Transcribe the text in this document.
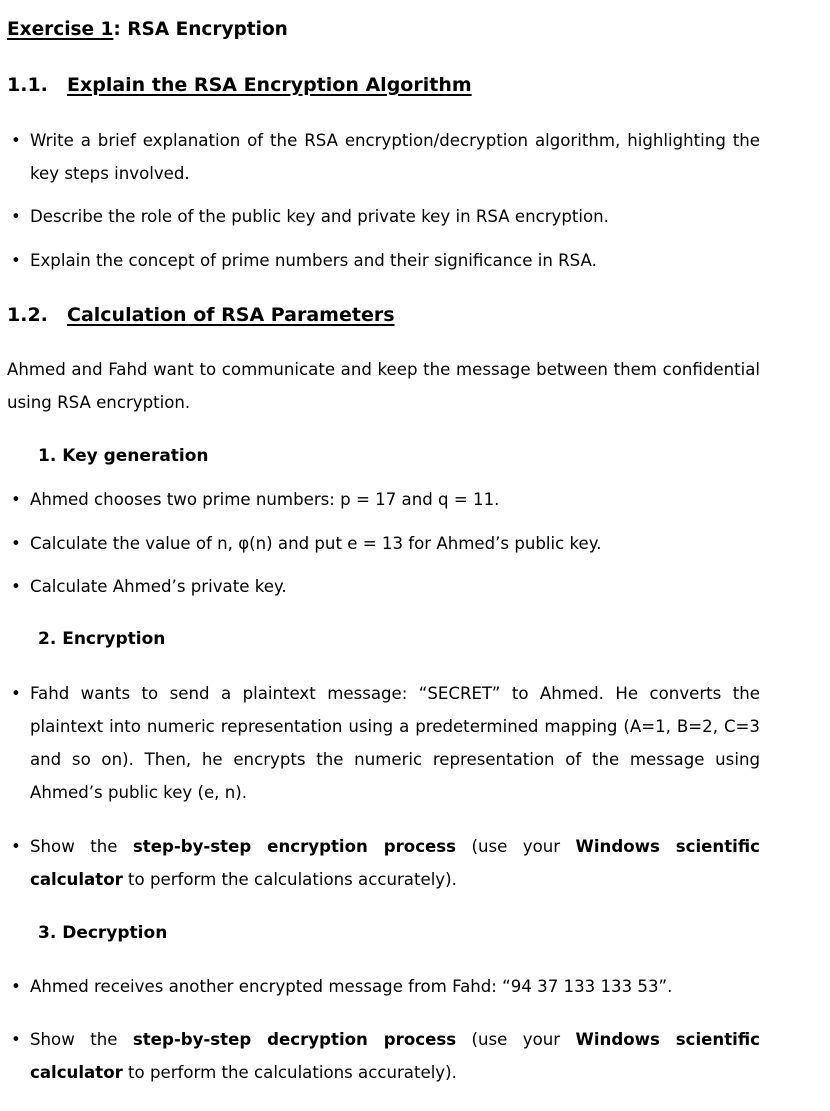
Exercise 1: RSA Encryption
1.1. Explain the RSA Encryption Algorithm
• Write a brief explanation of the RSA encryption/decryption algorithm, highlighting the key steps involved.
• Describe the role of the public key and private key in RSA encryption.
• Explain the concept of prime numbers and their significance in RSA.
1.2. Calculation of RSA Parameters
Ahmed and Fahd want to communicate and keep the message between them confidential using RSA encryption.
1. Key generation
• Ahmed chooses two prime numbers: p = 17 and q = 11.
• Calculate the value of n, φ(n) and put e = 13 for Ahmed’s public key.
• Calculate Ahmed’s private key.
2. Encryption
• Fahd wants to send a plaintext message: “SECRET” to Ahmed. He converts the plaintext into numeric representation using a predetermined mapping (A=1, B=2, C=3 and so on). Then, he encrypts the numeric representation of the message using Ahmed’s public key (e, n).
• Show the step-by-step encryption process (use your Windows scientific calculator to perform the calculations accurately).
3. Decryption
• Ahmed receives another encrypted message from Fahd: “94 37 133 133 53”.
• Show the step-by-step decryption process (use your Windows scientific calculator to perform the calculations accurately).
